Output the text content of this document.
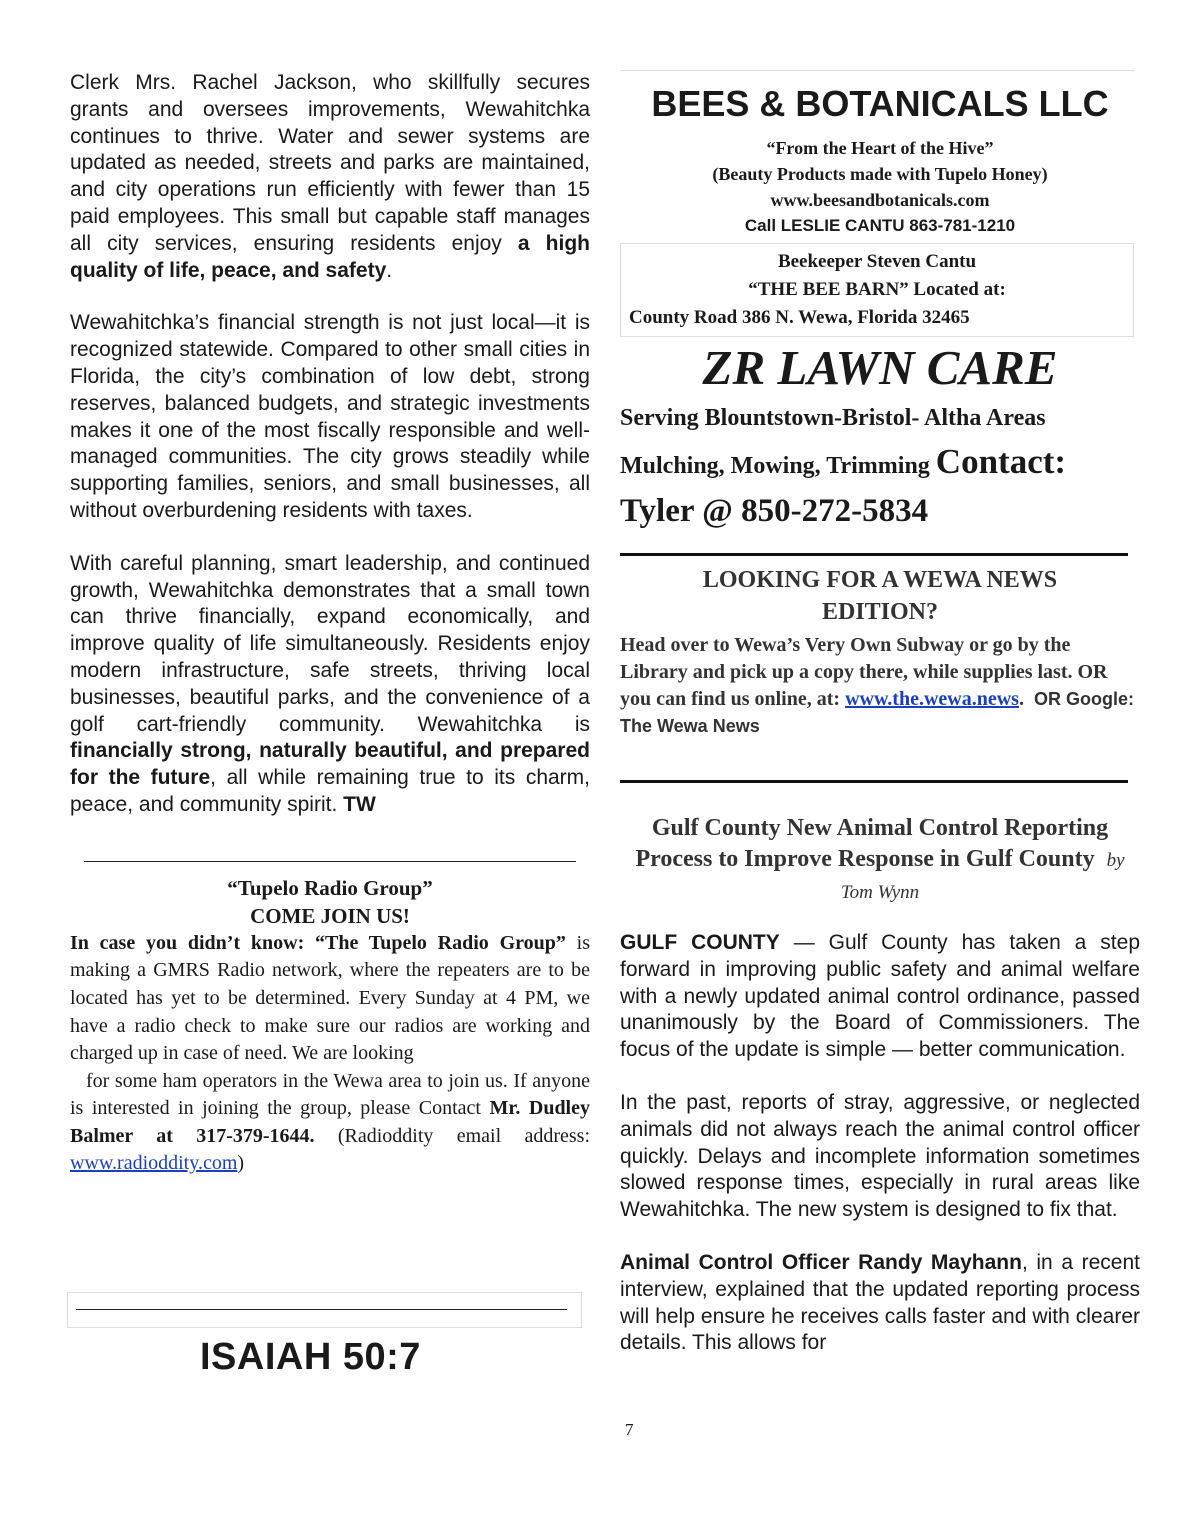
Clerk Mrs. Rachel Jackson, who skillfully secures grants and oversees improvements, Wewahitchka continues to thrive. Water and sewer systems are updated as needed, streets and parks are maintained, and city operations run efficiently with fewer than 15 paid employees. This small but capable staff manages all city services, ensuring residents enjoy a high quality of life, peace, and safety.

Wewahitchka’s financial strength is not just local—it is recognized statewide. Compared to other small cities in Florida, the city’s combination of low debt, strong reserves, balanced budgets, and strategic investments makes it one of the most fiscally responsible and well-managed communities. The city grows steadily while supporting families, seniors, and small businesses, all without overburdening residents with taxes.

With careful planning, smart leadership, and continued growth, Wewahitchka demonstrates that a small town can thrive financially, expand economically, and improve quality of life simultaneously. Residents enjoy modern infrastructure, safe streets, thriving local businesses, beautiful parks, and the convenience of a golf cart-friendly community. Wewahitchka is financially strong, naturally beautiful, and prepared for the future, all while remaining true to its charm, peace, and community spirit. TW

“Tupelo Radio Group”
COME JOIN US!

In case you didn’t know: “The Tupelo Radio Group” is making a GMRS Radio network, where the repeaters are to be located has yet to be determined. Every Sunday at 4 PM, we have a radio check to make sure our radios are working and charged up in case of need. We are looking

for some ham operators in the Wewa area to join us. If anyone is interested in joining the group, please Contact Mr. Dudley Balmer at 317-379-1644. (Radioddity email address: www.radioddity.com)

ISAIAH 50:7
BEES & BOTANICALS LLC
“From the Heart of the Hive”
(Beauty Products made with Tupelo Honey)
www.beesandbotanicals.com
Call LESLIE CANTU 863-781-1210
Beekeeper Steven Cantu
“THE BEE BARN” Located at:
County Road 386 N. Wewa, Florida 32465
ZR LAWN CARE
Serving Blountstown-Bristol- Altha Areas
Mulching, Mowing, Trimming Contact:
Tyler @ 850-272-5834
LOOKING FOR A WEWA NEWS EDITION?

Head over to Wewa’s Very Own Subway or go by the Library and pick up a copy there, while supplies last. OR you can find us online, at: www.the.wewa.news. OR Google: The Wewa News

Gulf County New Animal Control Reporting Process to Improve Response in Gulf County by Tom Wynn

GULF COUNTY — Gulf County has taken a step forward in improving public safety and animal welfare with a newly updated animal control ordinance, passed unanimously by the Board of Commissioners. The focus of the update is simple — better communication.

In the past, reports of stray, aggressive, or neglected animals did not always reach the animal control officer quickly. Delays and incomplete information sometimes slowed response times, especially in rural areas like Wewahitchka. The new system is designed to fix that.

Animal Control Officer Randy Mayhann, in a recent interview, explained that the updated reporting process will help ensure he receives calls faster and with clearer details. This allows for

7
